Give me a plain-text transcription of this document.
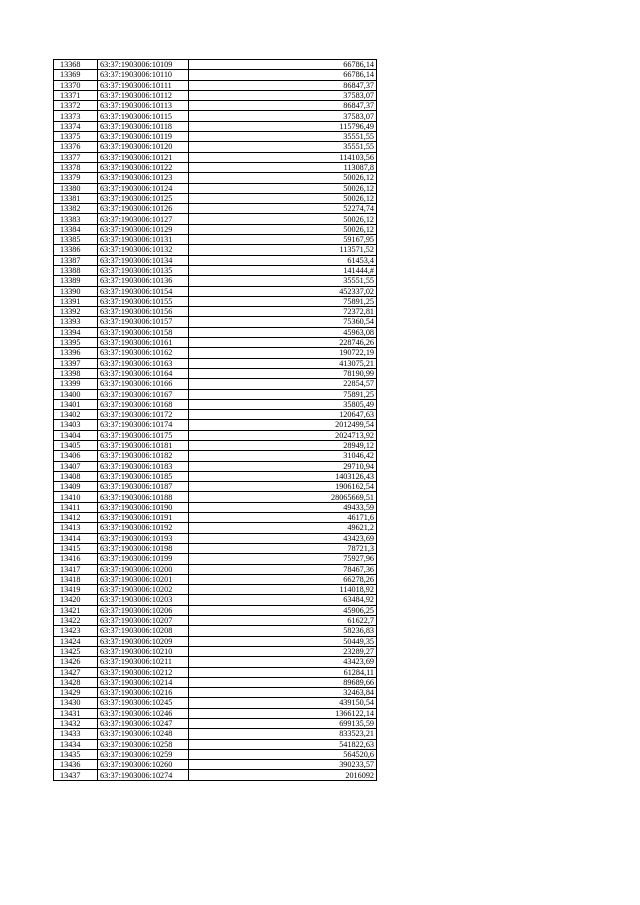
13368	63:37:1903006:10109	66786,14
13369	63:37:1903006:10110	66786,14
13370	63:37:1903006:10111	86847,37
13371	63:37:1903006:10112	37583,07
13372	63:37:1903006:10113	86847,37
13373	63:37:1903006:10115	37583,07
13374	63:37:1903006:10118	115796,49
13375	63:37:1903006:10119	35551,55
13376	63:37:1903006:10120	35551,55
13377	63:37:1903006:10121	114103,56
13378	63:37:1903006:10122	113087,8
13379	63:37:1903006:10123	50026,12
13380	63:37:1903006:10124	50026,12
13381	63:37:1903006:10125	50026,12
13382	63:37:1903006:10126	52274,74
13383	63:37:1903006:10127	50026,12
13384	63:37:1903006:10129	50026,12
13385	63:37:1903006:10131	59167,95
13386	63:37:1903006:10132	113571,52
13387	63:37:1903006:10134	61453,4
13388	63:37:1903006:10135	141444,#
13389	63:37:1903006:10136	35551,55
13390	63:37:1903006:10154	452337,02
13391	63:37:1903006:10155	75891,25
13392	63:37:1903006:10156	72372,81
13393	63:37:1903006:10157	75360,54
13394	63:37:1903006:10158	45963,08
13395	63:37:1903006:10161	228746,26
13396	63:37:1903006:10162	190722,19
13397	63:37:1903006:10163	413075,21
13398	63:37:1903006:10164	78190,99
13399	63:37:1903006:10166	22854,57
13400	63:37:1903006:10167	75891,25
13401	63:37:1903006:10168	35805,49
13402	63:37:1903006:10172	120647,63
13403	63:37:1903006:10174	2012499,54
13404	63:37:1903006:10175	2024713,92
13405	63:37:1903006:10181	28949,12
13406	63:37:1903006:10182	31046,42
13407	63:37:1903006:10183	29710,94
13408	63:37:1903006:10185	1403126,43
13409	63:37:1903006:10187	1906162,54
13410	63:37:1903006:10188	28065669,51
13411	63:37:1903006:10190	49433,59
13412	63:37:1903006:10191	46171,6
13413	63:37:1903006:10192	49621,2
13414	63:37:1903006:10193	43423,69
13415	63:37:1903006:10198	78721,3
13416	63:37:1903006:10199	75927,96
13417	63:37:1903006:10200	78467,36
13418	63:37:1903006:10201	66278,26
13419	63:37:1903006:10202	114018,92
13420	63:37:1903006:10203	63484,92
13421	63:37:1903006:10206	45906,25
13422	63:37:1903006:10207	61622,7
13423	63:37:1903006:10208	58236,83
13424	63:37:1903006:10209	50449,35
13425	63:37:1903006:10210	23289,27
13426	63:37:1903006:10211	43423,69
13427	63:37:1903006:10212	61284,11
13428	63:37:1903006:10214	89689,66
13429	63:37:1903006:10216	32463,84
13430	63:37:1903006:10245	439150,54
13431	63:37:1903006:10246	1366122,14
13432	63:37:1903006:10247	699135,59
13433	63:37:1903006:10248	833523,21
13434	63:37:1903006:10258	541822,63
13435	63:37:1903006:10259	564520,6
13436	63:37:1903006:10260	390233,57
13437	63:37:1903006:10274	2016092
